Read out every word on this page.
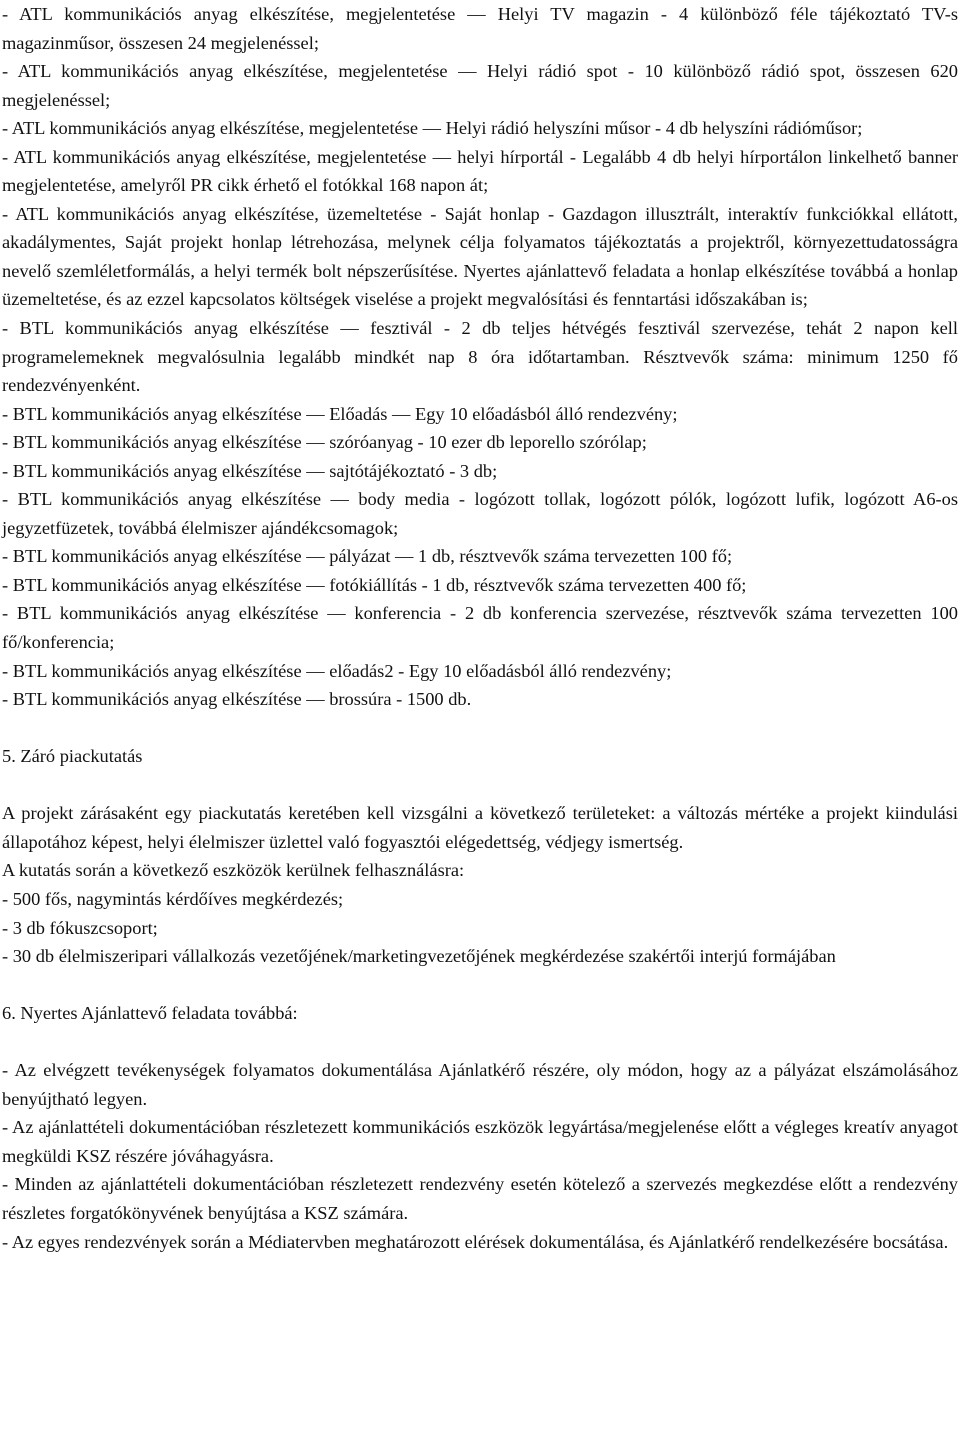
- ATL kommunikációs anyag elkészítése, megjelentetése — Helyi TV magazin - 4 különböző féle tájékoztató TV-s magazinműsor, összesen 24 megjelenéssel;

- ATL kommunikációs anyag elkészítése, megjelentetése — Helyi rádió spot - 10 különböző rádió spot, összesen 620 megjelenéssel;

- ATL kommunikációs anyag elkészítése, megjelentetése — Helyi rádió helyszíni műsor - 4 db helyszíni rádióműsor;

- ATL kommunikációs anyag elkészítése, megjelentetése — helyi hírportál - Legalább 4 db helyi hírportálon linkelhető banner megjelentetése, amelyről PR cikk érhető el fotókkal 168 napon át;

- ATL kommunikációs anyag elkészítése, üzemeltetése - Saját honlap - Gazdagon illusztrált, interaktív funkciókkal ellátott, akadálymentes, Saját projekt honlap létrehozása, melynek célja folyamatos tájékoztatás a projektről, környezettudatosságra nevelő szemléletformálás, a helyi termék bolt népszerűsítése. Nyertes ajánlattevő feladata a honlap elkészítése továbbá a honlap üzemeltetése, és az ezzel kapcsolatos költségek viselése a projekt megvalósítási és fenntartási időszakában is;

- BTL kommunikációs anyag elkészítése — fesztivál - 2 db teljes hétvégés fesztivál szervezése, tehát 2 napon kell programelemeknek megvalósulnia legalább mindkét nap 8 óra időtartamban. Résztvevők száma: minimum 1250 fő rendezvényenként.

- BTL kommunikációs anyag elkészítése — Előadás — Egy 10 előadásból álló rendezvény;

- BTL kommunikációs anyag elkészítése — szóróanyag - 10 ezer db leporello szórólap;

- BTL kommunikációs anyag elkészítése — sajtótájékoztató - 3 db;

- BTL kommunikációs anyag elkészítése — body media - logózott tollak, logózott pólók, logózott lufik, logózott A6-os jegyzetfüzetek, továbbá élelmiszer ajándékcsomagok;

- BTL kommunikációs anyag elkészítése — pályázat — 1 db, résztvevők száma tervezetten 100 fő;

- BTL kommunikációs anyag elkészítése — fotókiállítás - 1 db, résztvevők száma tervezetten 400 fő;

- BTL kommunikációs anyag elkészítése — konferencia - 2 db konferencia szervezése, résztvevők száma tervezetten 100 fő/konferencia;

- BTL kommunikációs anyag elkészítése — előadás2 - Egy 10 előadásból álló rendezvény;

- BTL kommunikációs anyag elkészítése — brossúra - 1500 db.

5. Záró piackutatás

A projekt zárásaként egy piackutatás keretében kell vizsgálni a következő területeket: a változás mértéke a projekt kiindulási állapotához képest, helyi élelmiszer üzlettel való fogyasztói elégedettség, védjegy ismertség.

A kutatás során a következő eszközök kerülnek felhasználásra:

- 500 fős, nagymintás kérdőíves megkérdezés;

- 3 db fókuszcsoport;

- 30 db élelmiszeripari vállalkozás vezetőjének/marketingvezetőjének megkérdezése szakértői interjú formájában

6. Nyertes Ajánlattevő feladata továbbá:

- Az elvégzett tevékenységek folyamatos dokumentálása Ajánlatkérő részére, oly módon, hogy az a pályázat elszámolásához benyújtható legyen.

- Az ajánlattételi dokumentációban részletezett kommunikációs eszközök legyártása/megjelenése előtt a végleges kreatív anyagot megküldi KSZ részére jóváhagyásra.

- Minden az ajánlattételi dokumentációban részletezett rendezvény esetén kötelező a szervezés megkezdése előtt a rendezvény részletes forgatókönyvének benyújtása a KSZ számára.

- Az egyes rendezvények során a Médiatervben meghatározott elérések dokumentálása, és Ajánlatkérő rendelkezésére bocsátása.
